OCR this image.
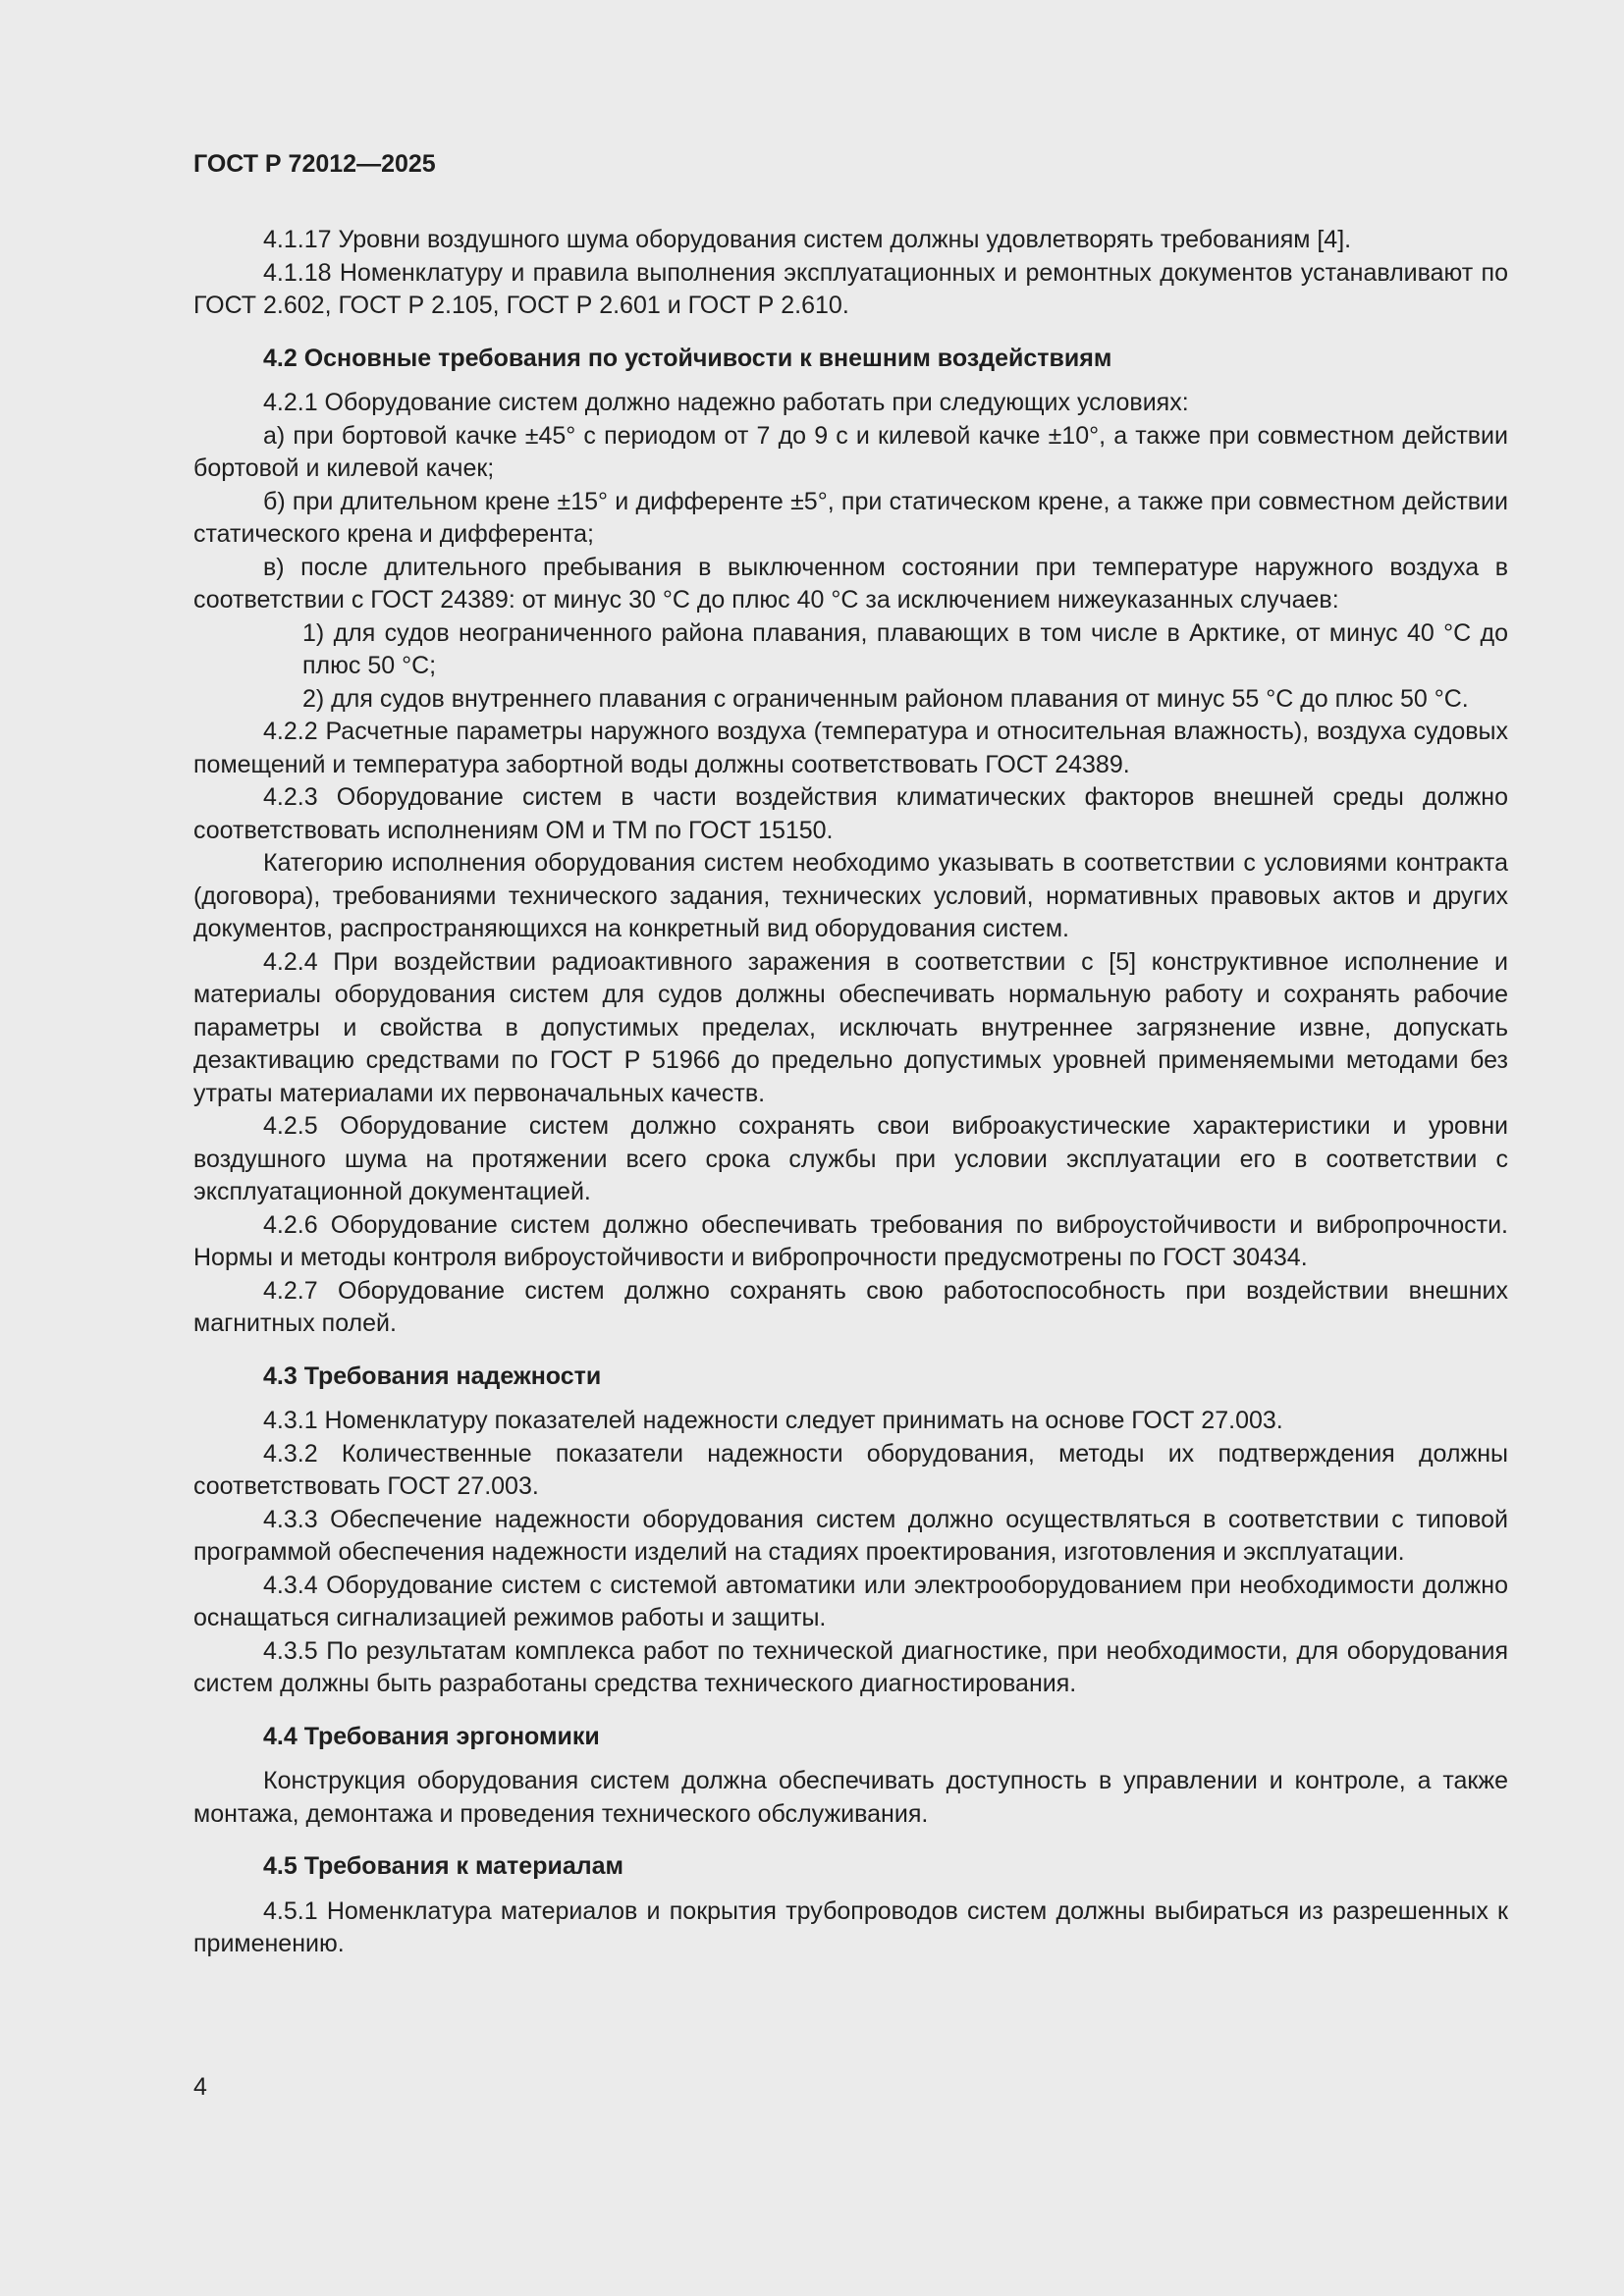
ГОСТ Р 72012—2025

4.1.17 Уровни воздушного шума оборудования систем должны удовлетворять требованиям [4].

4.1.18 Номенклатуру и правила выполнения эксплуатационных и ремонтных документов устанавливают по ГОСТ 2.602, ГОСТ Р 2.105, ГОСТ Р 2.601 и ГОСТ Р 2.610.

4.2 Основные требования по устойчивости к внешним воздействиям

4.2.1 Оборудование систем должно надежно работать при следующих условиях:

а) при бортовой качке ±45° с периодом от 7 до 9 с и килевой качке ±10°, а также при совместном действии бортовой и килевой качек;

б) при длительном крене ±15° и дифференте ±5°, при статическом крене, а также при совместном действии статического крена и дифферента;

в) после длительного пребывания в выключенном состоянии при температуре наружного воздуха в соответствии с ГОСТ 24389: от минус 30 °С до плюс 40 °С за исключением нижеуказанных случаев:

1) для судов неограниченного района плавания, плавающих в том числе в Арктике, от минус 40 °С до плюс 50 °С;

2) для судов внутреннего плавания с ограниченным районом плавания от минус 55 °С до плюс 50 °С.

4.2.2 Расчетные параметры наружного воздуха (температура и относительная влажность), воздуха судовых помещений и температура забортной воды должны соответствовать ГОСТ 24389.

4.2.3 Оборудование систем в части воздействия климатических факторов внешней среды должно соответствовать исполнениям ОМ и ТМ по ГОСТ 15150.

Категорию исполнения оборудования систем необходимо указывать в соответствии с условиями контракта (договора), требованиями технического задания, технических условий, нормативных правовых актов и других документов, распространяющихся на конкретный вид оборудования систем.

4.2.4 При воздействии радиоактивного заражения в соответствии с [5] конструктивное исполнение и материалы оборудования систем для судов должны обеспечивать нормальную работу и сохранять рабочие параметры и свойства в допустимых пределах, исключать внутреннее загрязнение извне, допускать дезактивацию средствами по ГОСТ Р 51966 до предельно допустимых уровней применяемыми методами без утраты материалами их первоначальных качеств.

4.2.5 Оборудование систем должно сохранять свои виброакустические характеристики и уровни воздушного шума на протяжении всего срока службы при условии эксплуатации его в соответствии с эксплуатационной документацией.

4.2.6 Оборудование систем должно обеспечивать требования по виброустойчивости и вибропрочности. Нормы и методы контроля виброустойчивости и вибропрочности предусмотрены по ГОСТ 30434.

4.2.7 Оборудование систем должно сохранять свою работоспособность при воздействии внешних магнитных полей.

4.3 Требования надежности

4.3.1 Номенклатуру показателей надежности следует принимать на основе ГОСТ 27.003.

4.3.2 Количественные показатели надежности оборудования, методы их подтверждения должны соответствовать ГОСТ 27.003.

4.3.3 Обеспечение надежности оборудования систем должно осуществляться в соответствии с типовой программой обеспечения надежности изделий на стадиях проектирования, изготовления и эксплуатации.

4.3.4 Оборудование систем с системой автоматики или электрооборудованием при необходимости должно оснащаться сигнализацией режимов работы и защиты.

4.3.5 По результатам комплекса работ по технической диагностике, при необходимости, для оборудования систем должны быть разработаны средства технического диагностирования.

4.4 Требования эргономики

Конструкция оборудования систем должна обеспечивать доступность в управлении и контроле, а также монтажа, демонтажа и проведения технического обслуживания.

4.5 Требования к материалам

4.5.1 Номенклатура материалов и покрытия трубопроводов систем должны выбираться из разрешенных к применению.

4
